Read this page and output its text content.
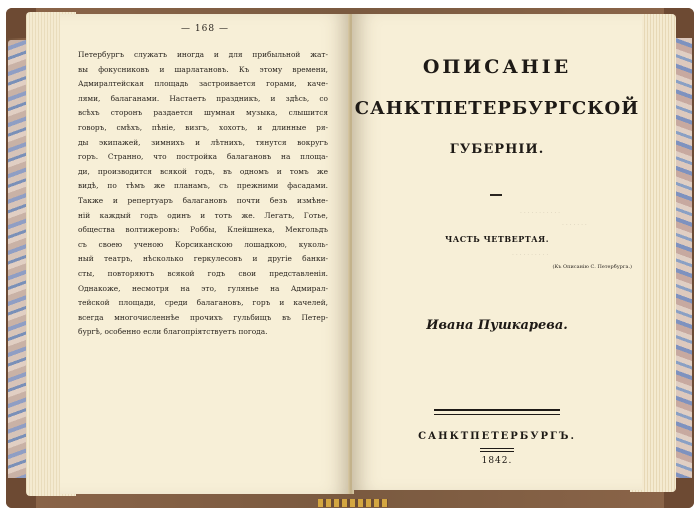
— 168 —
Петербургъ служатъ иногда и для прибыльной жат-
вы фокусниковъ и шарлатановъ. Къ этому времени,
Адмиралтейская площадь застроивается горами, каче-
лями, балаганами. Настаетъ праздникъ, и здѣсь, со
всѣхъ сторонъ раздается шумная музыка, слышится
говоръ, смѣхъ, пѣніе, визгъ, хохотъ, и длинные ря-
ды экипажей, зимнихъ и лѣтнихъ, тянутся вокругъ
горъ. Странно, что постройка балагановъ на площа-
ди, производится всякой годъ, въ одномъ и томъ же
видѣ, по тѣмъ же планамъ, съ прежними фасадами.
Также и репертуаръ балагановъ почти безъ измѣне-
ній каждый годъ одинъ и тотъ же. Легатъ, Готье,
общества волтижеровъ: Роббы, Клейшнека, Мекгольдъ
съ своею ученою Корсиканскою лошадкою, куколь-
ный театръ, нѣсколько геркулесовъ и другіе банки-
сты, повторяютъ всякой годъ свои представленія.
Однакоже, несмотря на это, гулянье на Адмирал-
тейской площади, среди балагановъ, горъ и качелей,
всегда многочисленнѣе прочихъ гульбищъ въ Петер-
бургѣ, особенно если благопріятствуетъ погода.
ОПИСАНІЕ
САНКТПЕТЕРБУРГСКОЙ
ГУБЕРНІИ.
· · · · · · · · · · ·
· · · · · · ·
· · · · · · · · · ·
ЧАСТЬ ЧЕТВЕРТАЯ.
(Къ Описанію С. Петербурга.)
Ивана Пушкарева.
САНКТПЕТЕРБУРГЪ.
1842.
